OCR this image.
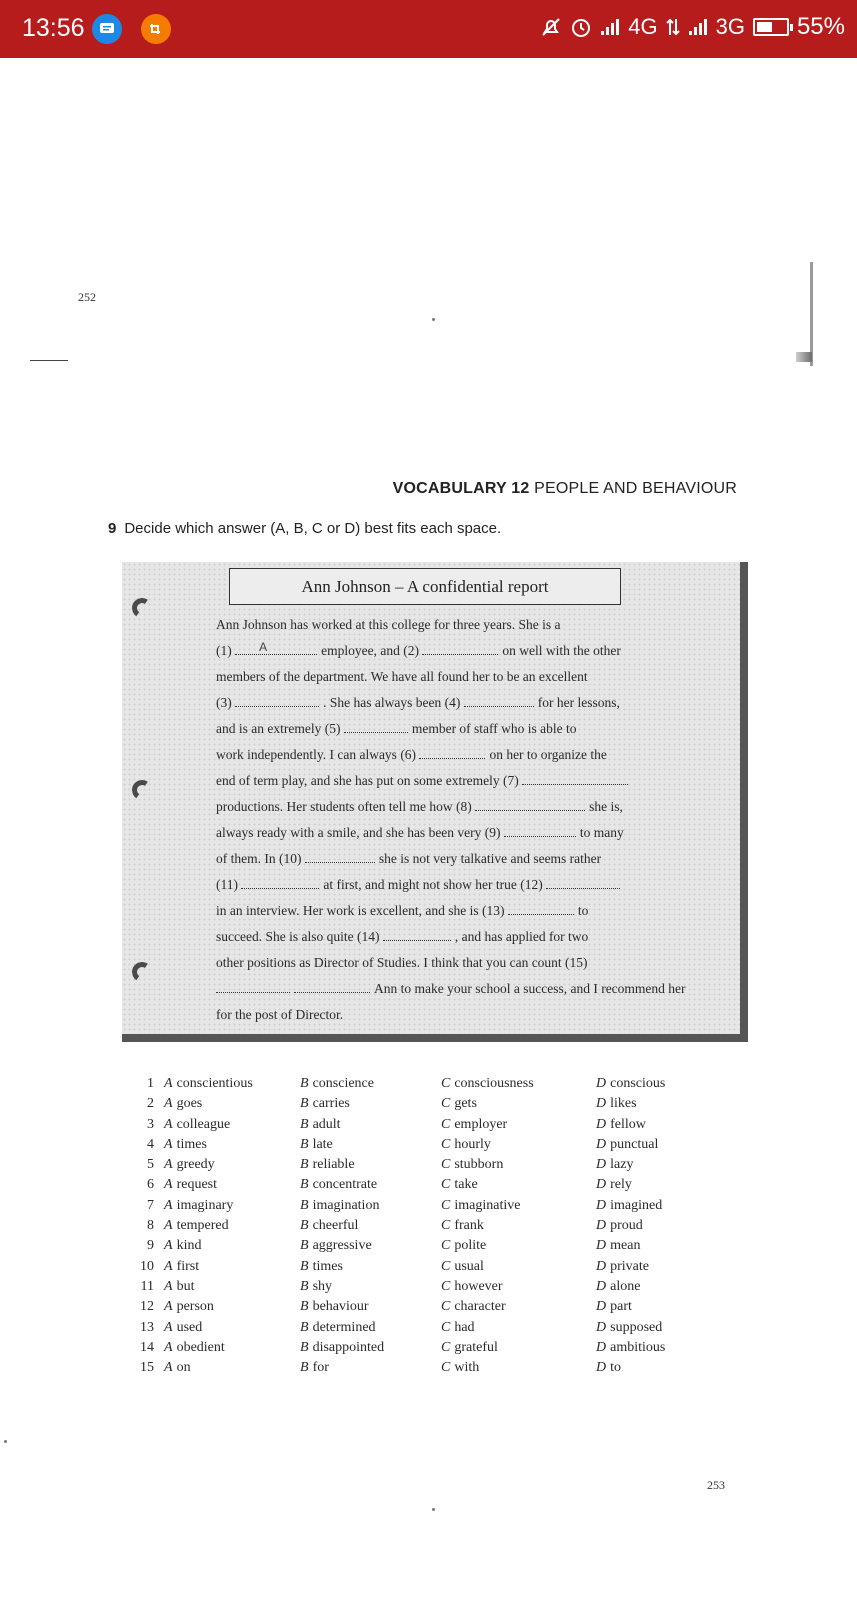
13:56	4G	3G 55%
252
VOCABULARY 12 PEOPLE AND BEHAVIOUR
9 Decide which answer (A, B, C or D) best fits each space.
Ann Johnson – A confidential report

Ann Johnson has worked at this college for three years. She is a

(1) A	employee, and (2)	on well with the other

members of the department. We have all found her to be an excellent

(3)	. She has always been (4)	for her lessons,

and is an extremely (5)	member of staff who is able to

work independently. I can always (6)	on her to organize the

end of term play, and she has put on some extremely (7)

productions. Her students often tell me how (8)	she is,

always ready with a smile, and she has been very (9)	to many

of them. In (10)	she is not very talkative and seems rather

(11)	at first, and might not show her true (12)

in an interview. Her work is excellent, and she is (13)	to

succeed. She is also quite (14)	, and has applied for two

other positions as Director of Studies. I think that you can count (15)

Ann to make your school a success, and I recommend her

for the post of Director.

1 A conscientious	B conscience	C consciousness	D conscious
2 A goes	B carries	C gets	D likes
3 A colleague	B adult	C employer	D fellow
4 A times	B late	C hourly	D punctual
5 A greedy	B reliable	C stubborn	D lazy
6 A request	B concentrate	C take	D rely
7 A imaginary	B imagination	C imaginative	D imagined
8 A tempered	B cheerful	C frank	D proud
9 A kind	B aggressive	C polite	D mean
10 A first	B times	C usual	D private
11 A but	B shy	C however	D alone
12 A person	B behaviour	C character	D part
13 A used	B determined	C had	D supposed
14 A obedient	B disappointed	C grateful	D ambitious
15 A on	B for	C with	D to
253
